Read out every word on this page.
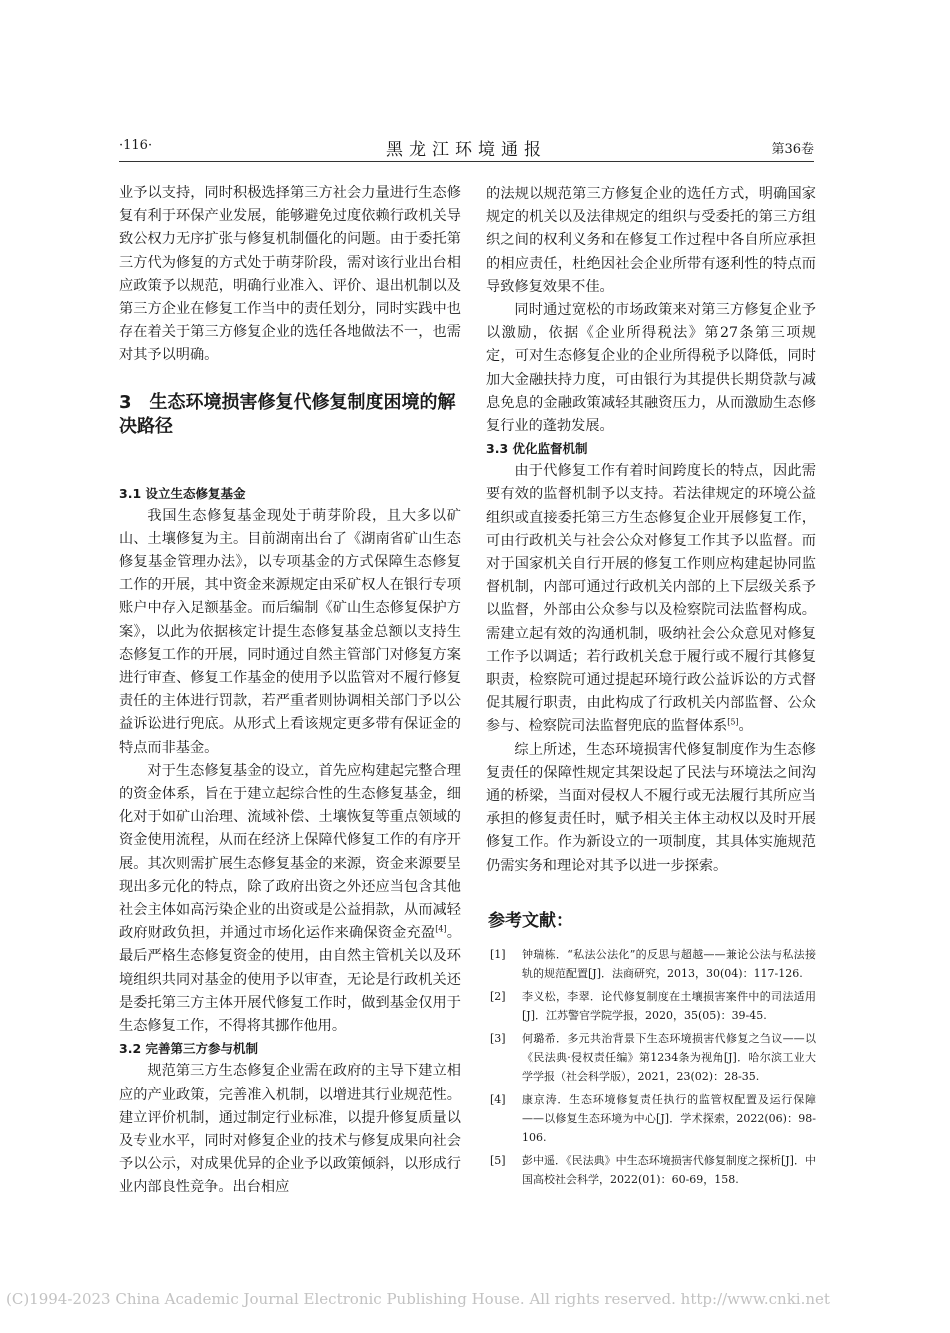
·116·	黑龙江环境通报	第36卷

业予以支持，同时积极选择第三方社会力量进行生态修复有利于环保产业发展，能够避免过度依赖行政机关导致公权力无序扩张与修复机制僵化的问题。由于委托第三方代为修复的方式处于萌芽阶段，需对该行业出台相应政策予以规范，明确行业准入、评价、退出机制以及第三方企业在修复工作当中的责任划分，同时实践中也存在着关于第三方修复企业的选任各地做法不一，也需对其予以明确。

3　生态环境损害修复代修复制度困境的解决路径
3.1 设立生态修复基金

我国生态修复基金现处于萌芽阶段，且大多以矿山、土壤修复为主。目前湖南出台了《湖南省矿山生态修复基金管理办法》，以专项基金的方式保障生态修复工作的开展，其中资金来源规定由采矿权人在银行专项账户中存入足额基金。而后编制《矿山生态修复保护方案》，以此为依据核定计提生态修复基金总额以支持生态修复工作的开展，同时通过自然主管部门对修复方案进行审查、修复工作基金的使用予以监管对不履行修复责任的主体进行罚款，若严重者则协调相关部门予以公益诉讼进行兜底。从形式上看该规定更多带有保证金的特点而非基金。

对于生态修复基金的设立，首先应构建起完整合理的资金体系，旨在于建立起综合性的生态修复基金，细化对于如矿山治理、流域补偿、土壤恢复等重点领域的资金使用流程，从而在经济上保障代修复工作的有序开展。其次则需扩展生态修复基金的来源，资金来源要呈现出多元化的特点，除了政府出资之外还应当包含其他社会主体如高污染企业的出资或是公益捐款，从而减轻政府财政负担，并通过市场化运作来确保资金充盈[4]。最后严格生态修复资金的使用，由自然主管机关以及环境组织共同对基金的使用予以审查，无论是行政机关还是委托第三方主体开展代修复工作时，做到基金仅用于生态修复工作，不得将其挪作他用。

3.2 完善第三方参与机制

规范第三方生态修复企业需在政府的主导下建立相应的产业政策，完善准入机制，以增进其行业规范性。建立评价机制，通过制定行业标准，以提升修复质量以及专业水平，同时对修复企业的技术与修复成果向社会予以公示，对成果优异的企业予以政策倾斜，以形成行业内部良性竞争。出台相应

的法规以规范第三方修复企业的选任方式，明确国家规定的机关以及法律规定的组织与受委托的第三方组织之间的权利义务和在修复工作过程中各自所应承担的相应责任，杜绝因社会企业所带有逐利性的特点而导致修复效果不佳。

同时通过宽松的市场政策来对第三方修复企业予以激励，依据《企业所得税法》第27条第三项规定，可对生态修复企业的企业所得税予以降低，同时加大金融扶持力度，可由银行为其提供长期贷款与减息免息的金融政策减轻其融资压力，从而激励生态修复行业的蓬勃发展。

3.3 优化监督机制

由于代修复工作有着时间跨度长的特点，因此需要有效的监督机制予以支持。若法律规定的环境公益组织或直接委托第三方生态修复企业开展修复工作，可由行政机关与社会公众对修复工作其予以监督。而对于国家机关自行开展的修复工作则应构建起协同监督机制，内部可通过行政机关内部的上下层级关系予以监督，外部由公众参与以及检察院司法监督构成。需建立起有效的沟通机制，吸纳社会公众意见对修复工作予以调适；若行政机关怠于履行或不履行其修复职责，检察院可通过提起环境行政公益诉讼的方式督促其履行职责，由此构成了行政机关内部监督、公众参与、检察院司法监督兜底的监督体系[5]。

综上所述，生态环境损害代修复制度作为生态修复责任的保障性规定其架设起了民法与环境法之间沟通的桥梁，当面对侵权人不履行或无法履行其所应当承担的修复责任时，赋予相关主体主动权以及时开展修复工作。作为新设立的一项制度，其具体实施规范仍需实务和理论对其予以进一步探索。

参考文献：
[1] 钟瑞栋．“私法公法化”的反思与超越——兼论公法与私法接轨的规范配置[J]．法商研究，2013，30(04)：117-126.
[2] 李义松，李翠．论代修复制度在土壤损害案件中的司法适用[J]．江苏警官学院学报，2020，35(05)：39-45.
[3] 何璐希．多元共治背景下生态环境损害代修复之刍议——以《民法典·侵权责任编》第1234条为视角[J]．哈尔滨工业大学学报（社会科学版），2021，23(02)：28-35.
[4] 康京涛．生态环境修复责任执行的监管权配置及运行保障——以修复生态环境为中心[J]．学术探索，2022(06)：98-106.
[5] 彭中遥．《民法典》中生态环境损害代修复制度之探析[J]．中国高校社会科学，2022(01)：60-69，158.
(C)1994-2023 China Academic Journal Electronic Publishing House. All rights reserved. http://www.cnki.net
